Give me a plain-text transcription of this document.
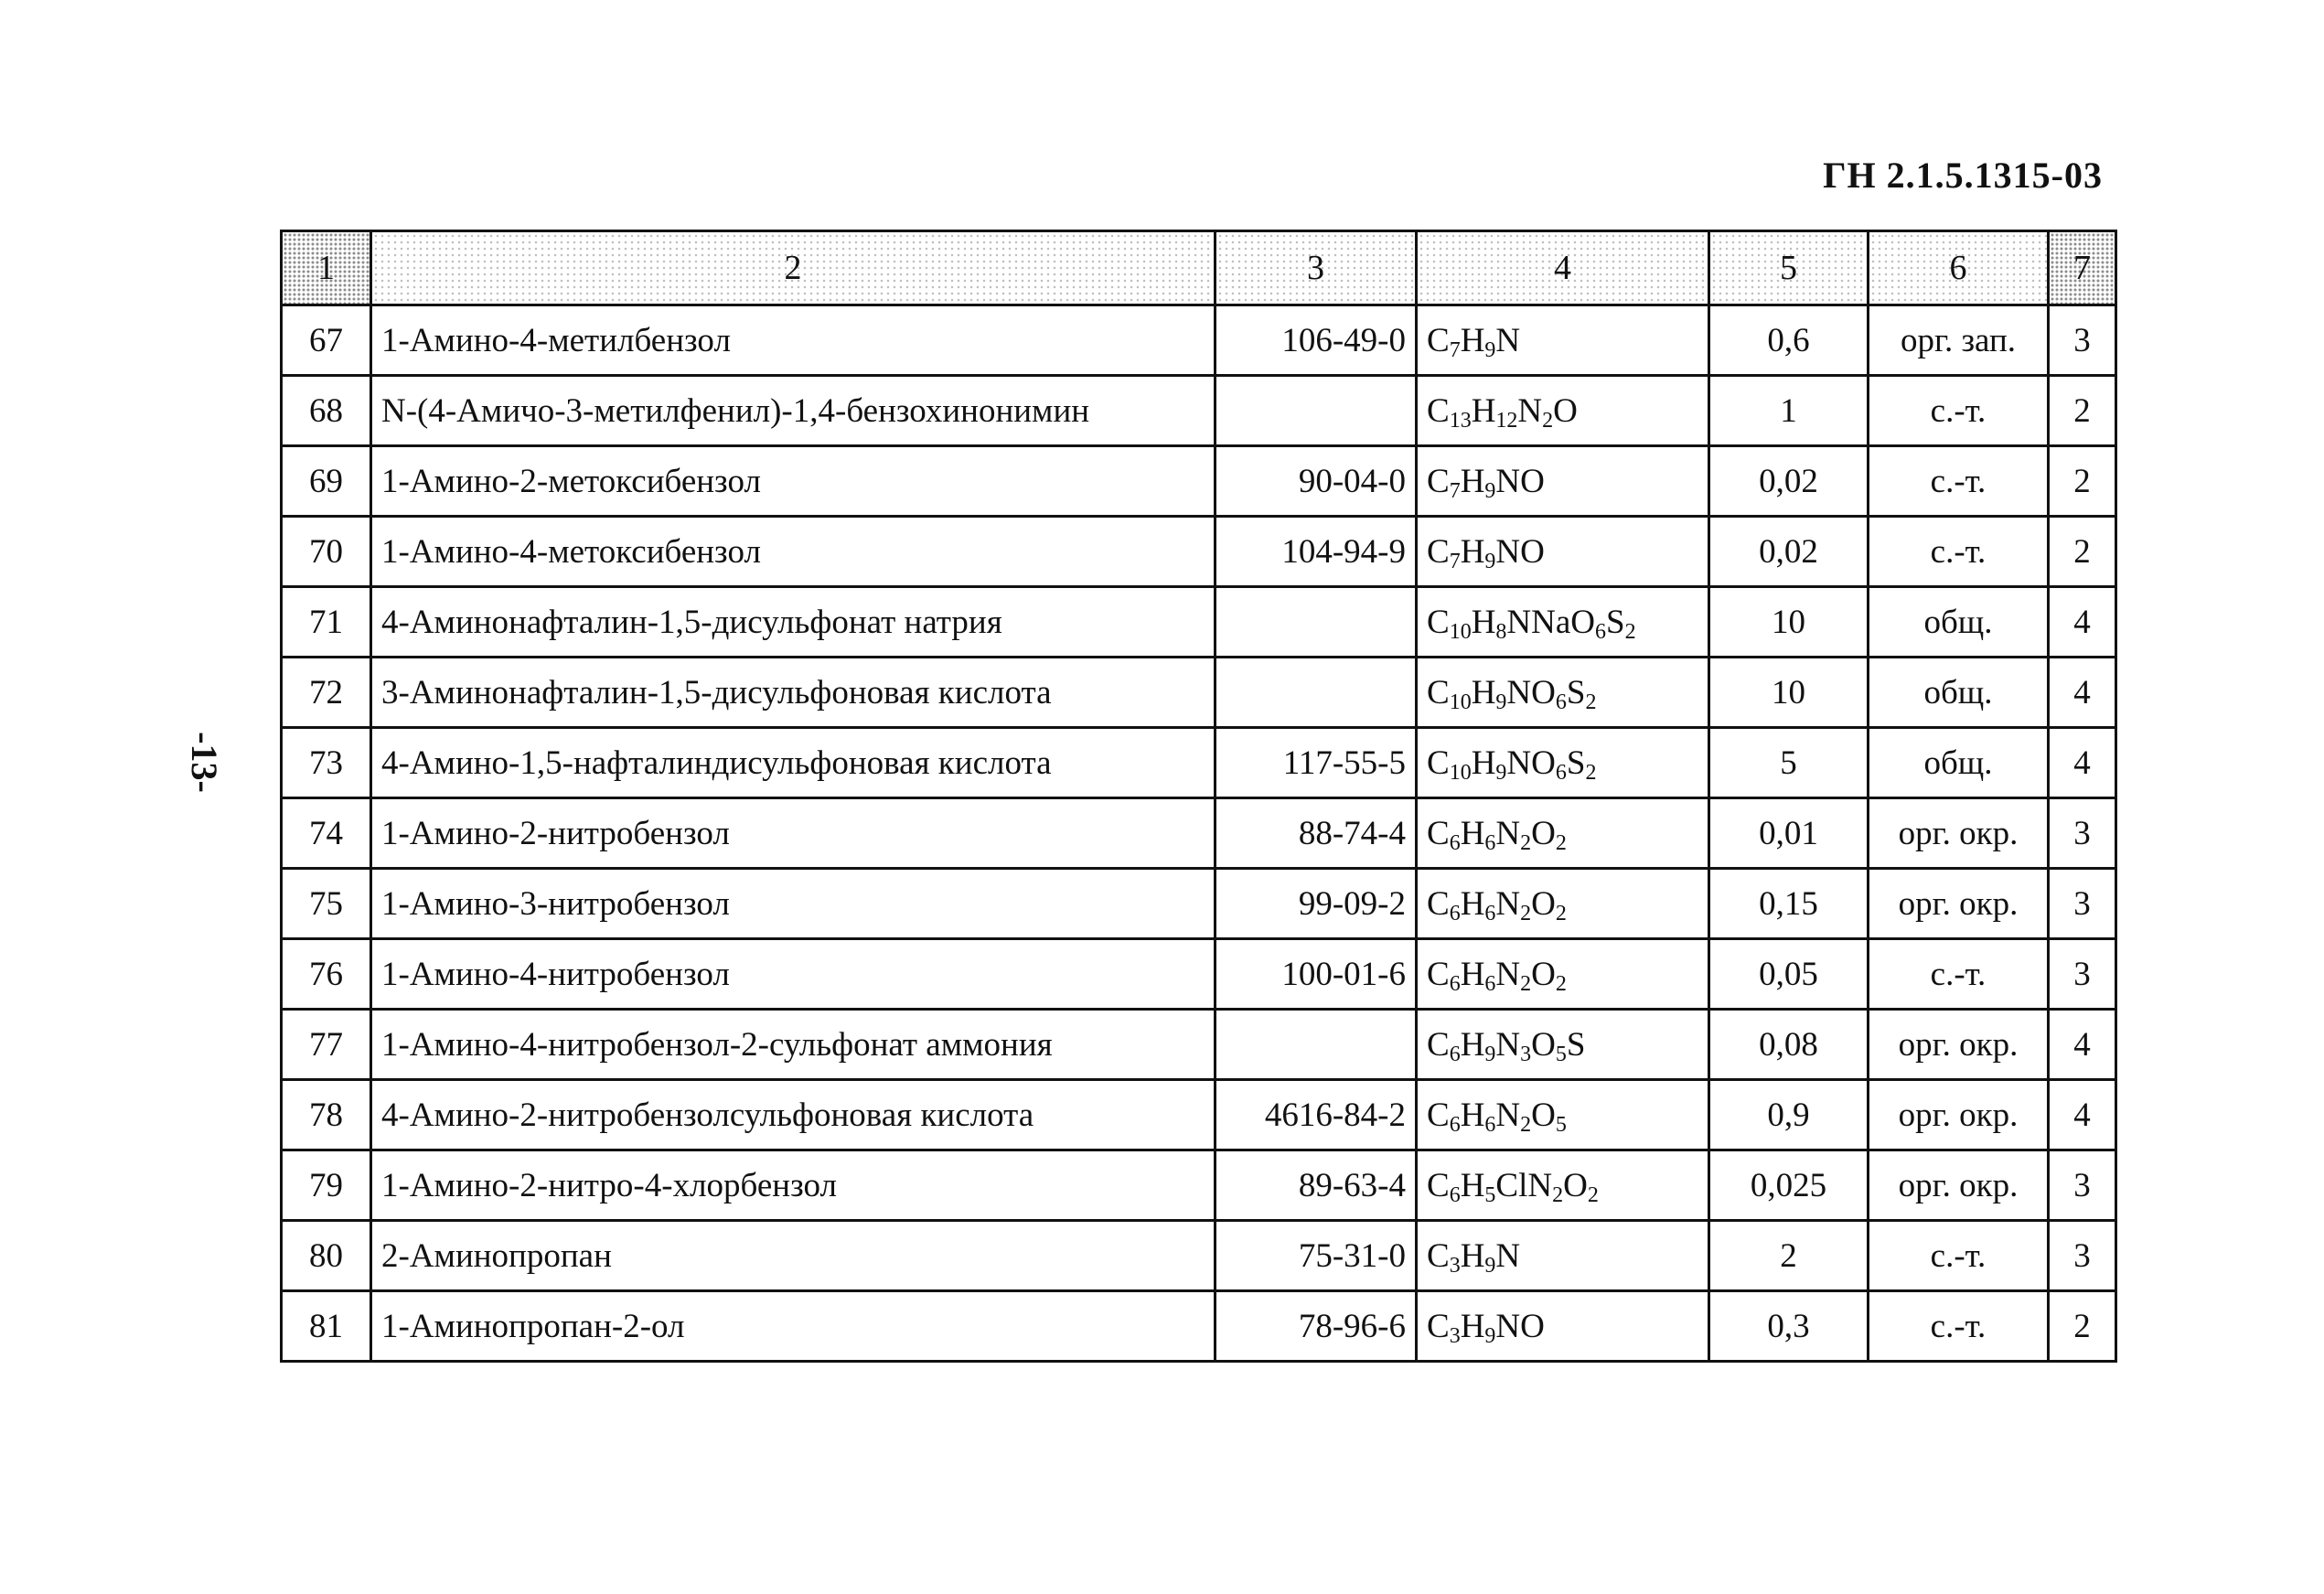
ГН 2.1.5.1315-03
-13-
1	2	3	4	5	6	7
67	1-Амино-4-метилбензол	106-49-0	$C_7H_9N$	0,6	орг. зап.	3
68	N-(4-Амичо-3-метилфенил)-1,4-бензохинонимин		$C_{13}H_{12}N_2O$	1	с.-т.	2
69	1-Амино-2-метоксибензол	90-04-0	$C_7H_9NO$	0,02	с.-т.	2
70	1-Амино-4-метоксибензол	104-94-9	$C_7H_9NO$	0,02	с.-т.	2
71	4-Аминонафталин-1,5-дисульфонат натрия		$C_{10}H_8NNaO_6S_2$	10	общ.	4
72	3-Аминонафталин-1,5-дисульфоновая кислота		$C_{10}H_9NO_6S_2$	10	общ.	4
73	4-Амино-1,5-нафталиндисульфоновая кислота	117-55-5	$C_{10}H_9NO_6S_2$	5	общ.	4
74	1-Амино-2-нитробензол	88-74-4	$C_6H_6N_2O_2$	0,01	орг. окр.	3
75	1-Амино-3-нитробензол	99-09-2	$C_6H_6N_2O_2$	0,15	орг. окр.	3
76	1-Амино-4-нитробензол	100-01-6	$C_6H_6N_2O_2$	0,05	с.-т.	3
77	1-Амино-4-нитробензол-2-сульфонат аммония		$C_6H_9N_3O_5S$	0,08	орг. окр.	4
78	4-Амино-2-нитробензолсульфоновая кислота	4616-84-2	$C_6H_6N_2O_5$	0,9	орг. окр.	4
79	1-Амино-2-нитро-4-хлорбензол	89-63-4	$C_6H_5ClN_2O_2$	0,025	орг. окр.	3
80	2-Аминопропан	75-31-0	$C_3H_9N$	2	с.-т.	3
81	1-Аминопропан-2-ол	78-96-6	$C_3H_9NO$	0,3	с.-т.	2
